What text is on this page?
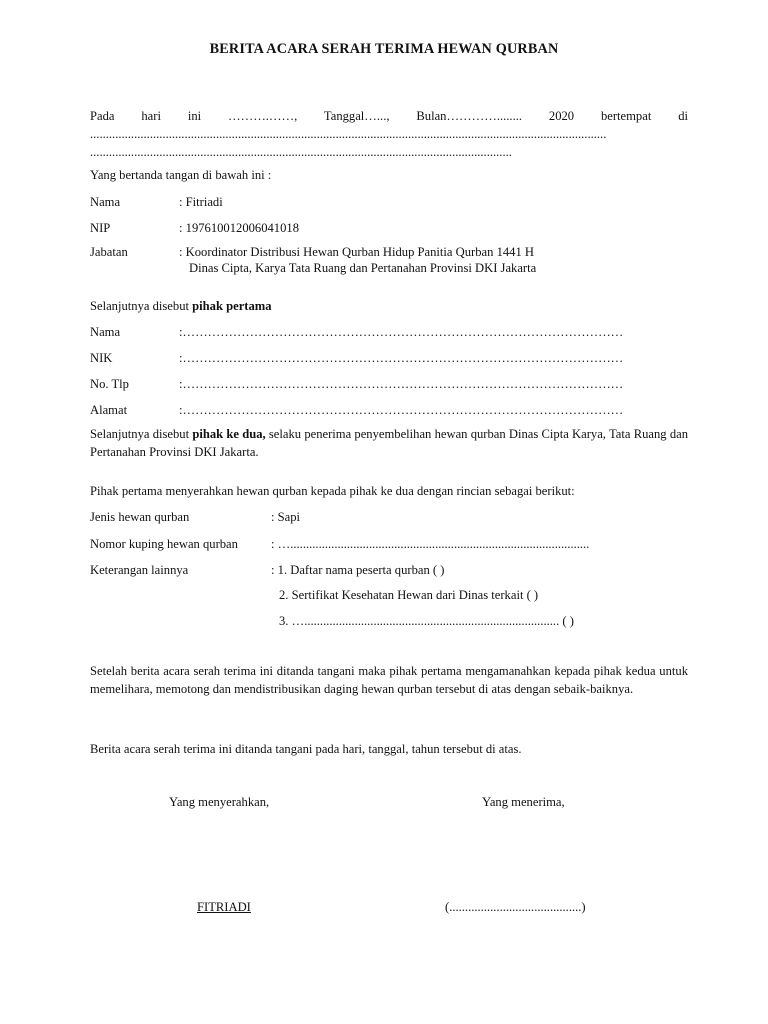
BERITA ACARA SERAH TERIMA HEWAN QURBAN
Pada hari ini ……….……, Tanggal…..., Bulan…………........ 2020 bertempat di
....................................................................................................................................................................
......................................................................................................................................
Yang bertanda tangan di bawah ini :
Nama	: Fitriadi
NIP	: 197610012006041018
Jabatan	: Koordinator Distribusi Hewan Qurban Hidup Panitia Qurban 1441 H
Dinas Cipta, Karya Tata Ruang dan Pertanahan Provinsi DKI Jakarta
Selanjutnya disebut pihak pertama
Nama	:……………………………………………………………………………………………
NIK	:……………………………………………………………………………………………
No. Tlp	:……………………………………………………………………………………………
Alamat	:……………………………………………………………………………………………
Selanjutnya disebut pihak ke dua, selaku penerima penyembelihan hewan qurban Dinas Cipta Karya, Tata Ruang dan Pertanahan Provinsi DKI Jakarta.
Pihak pertama menyerahkan hewan qurban kepada pihak ke dua dengan rincian sebagai berikut:
Jenis hewan qurban	: Sapi
Nomor kuping hewan qurban	: …...............................................................................................
Keterangan lainnya	: 1. Daftar nama peserta qurban ( )
2. Sertifikat Kesehatan Hewan dari Dinas terkait ( )
3. …................................................................................. ( )
Setelah berita acara serah terima ini ditanda tangani maka pihak pertama mengamanahkan kepada pihak kedua untuk memelihara, memotong dan mendistribusikan daging hewan qurban tersebut di atas dengan sebaik-baiknya.
Berita acara serah terima ini ditanda tangani pada hari, tanggal, tahun tersebut di atas.
Yang menyerahkan,	Yang menerima,
FITRIADI	(..........................................)
